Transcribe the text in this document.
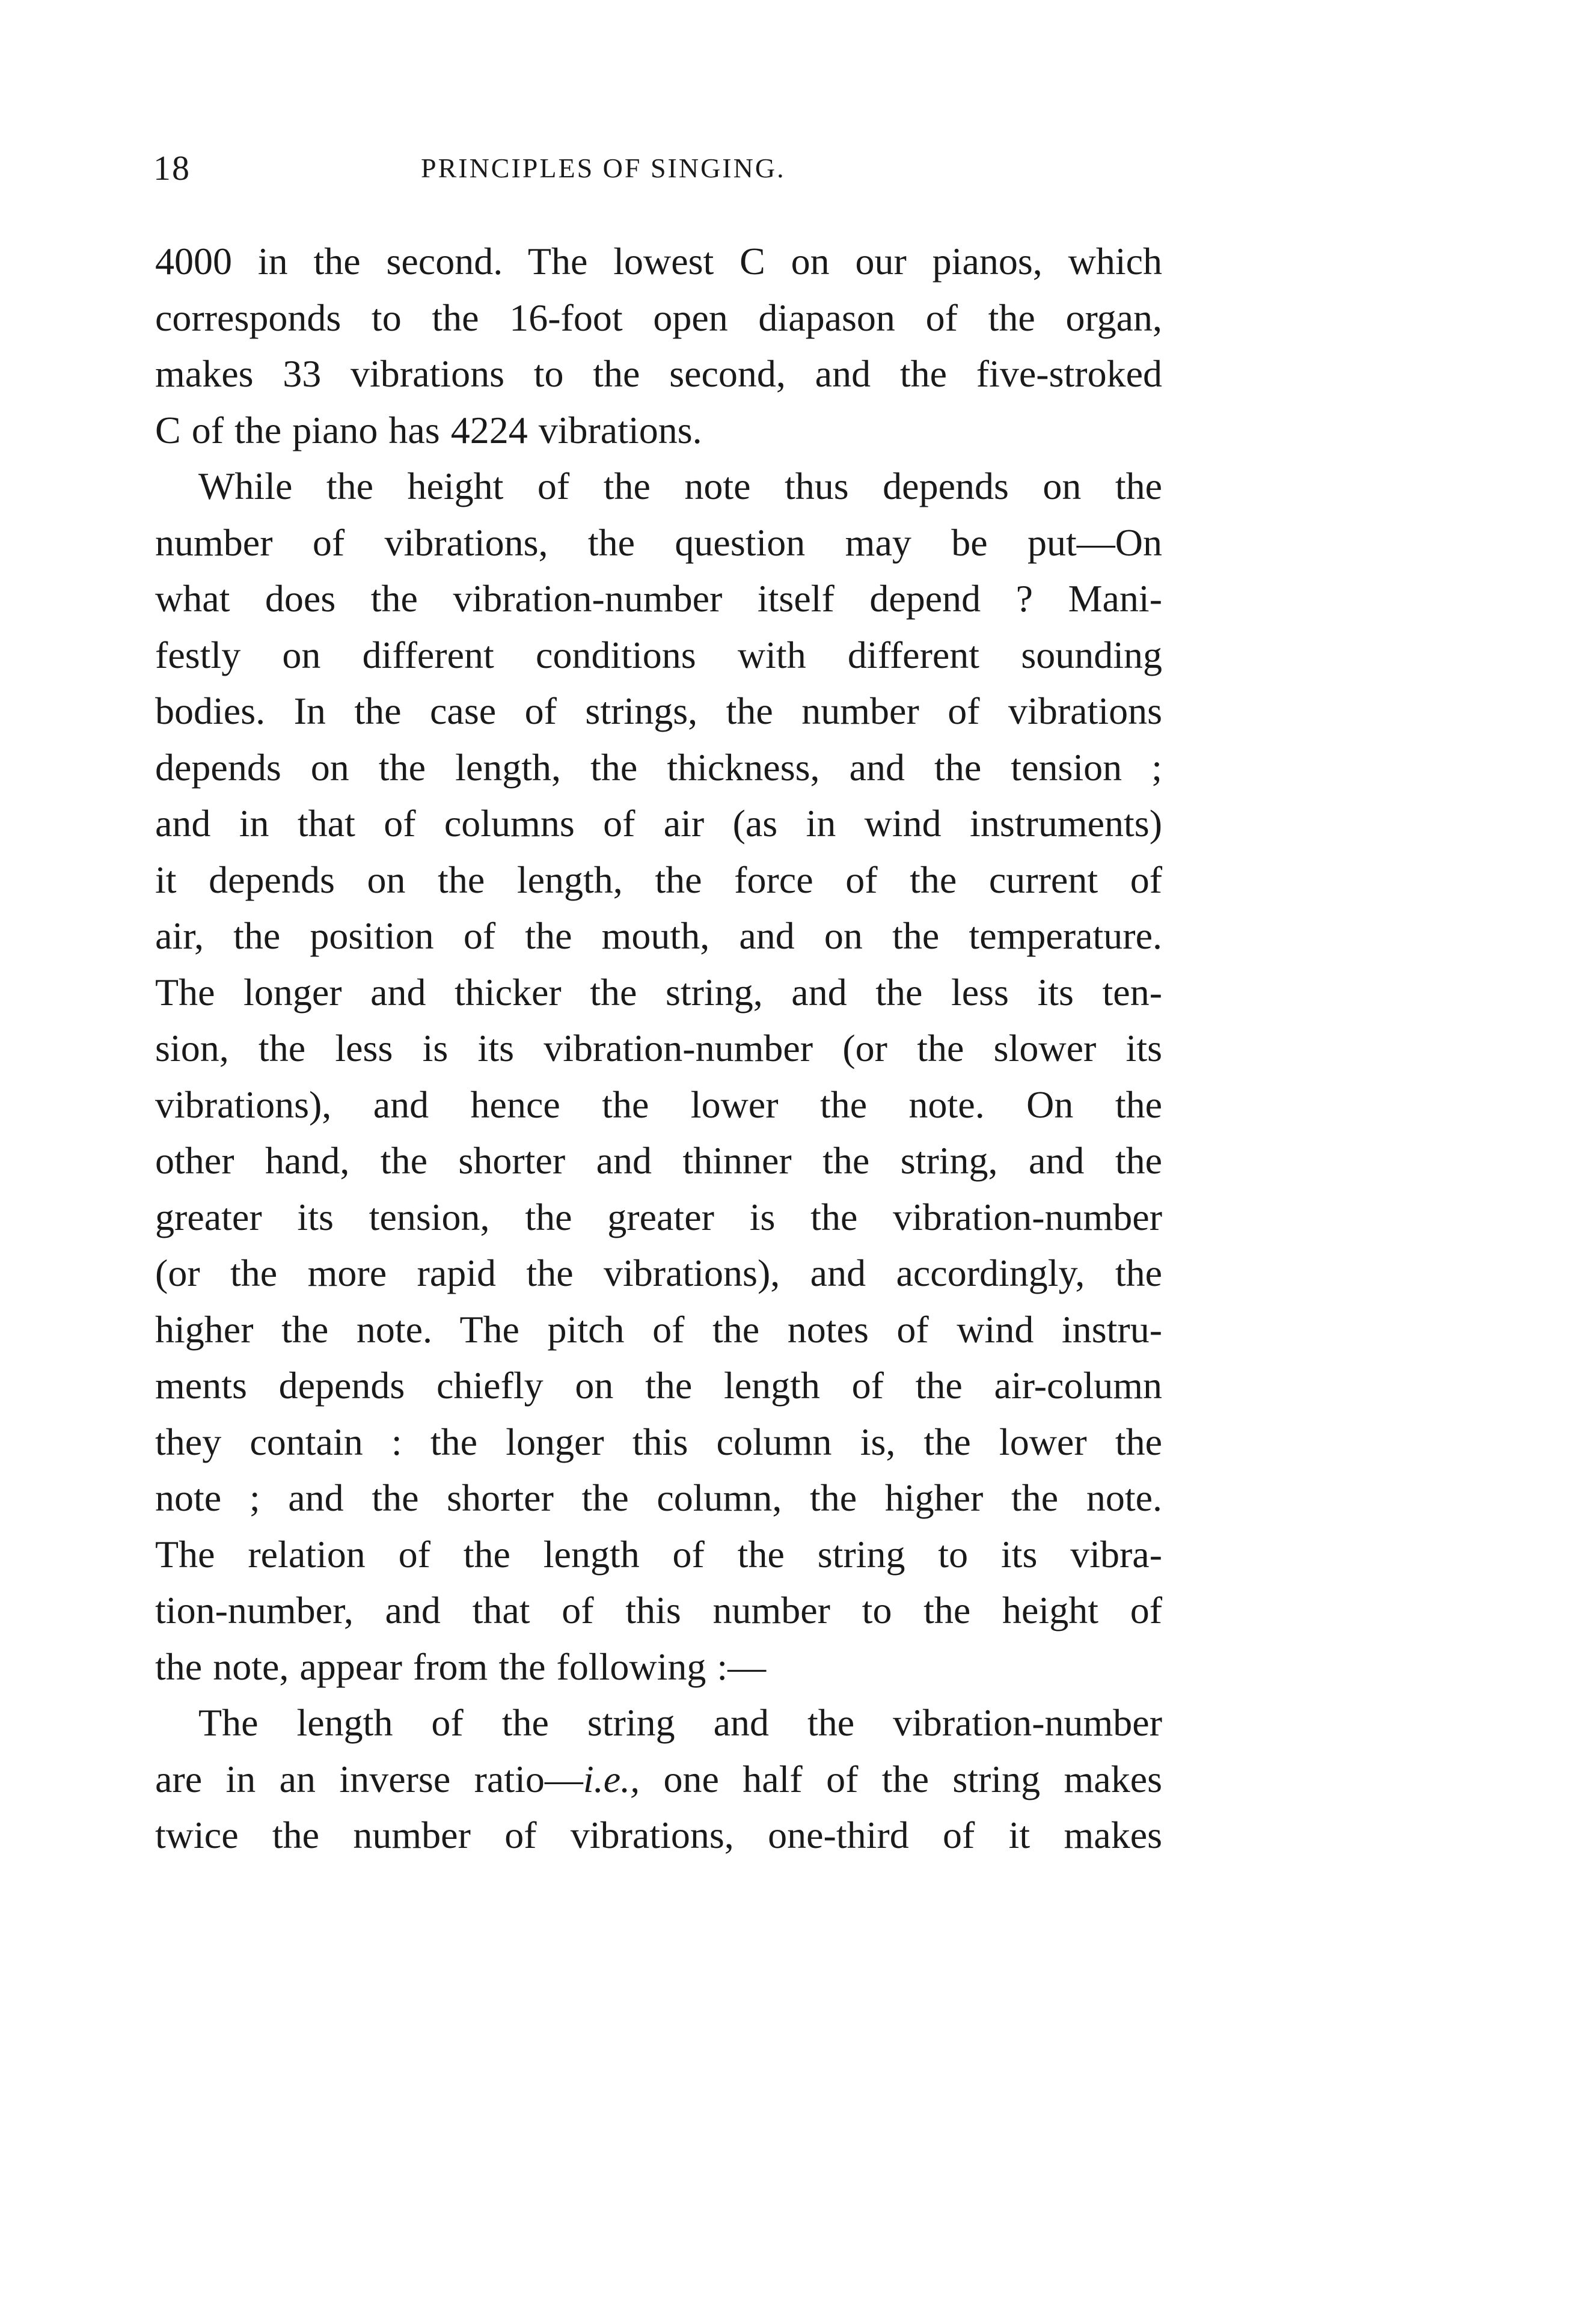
18	PRINCIPLES OF SINGING.

4000 in the second. The lowest C on our pianos, which
corresponds to the 16-foot open diapason of the organ,
makes 33 vibrations to the second, and the five-stroked
C of the piano has 4224 vibrations.

While the height of the note thus depends on the
number of vibrations, the question may be put—On
what does the vibration-number itself depend ? Mani-
festly on different conditions with different sounding
bodies. In the case of strings, the number of vibrations
depends on the length, the thickness, and the tension ;
and in that of columns of air (as in wind instruments)
it depends on the length, the force of the current of
air, the position of the mouth, and on the temperature.
The longer and thicker the string, and the less its ten-
sion, the less is its vibration-number (or the slower its
vibrations), and hence the lower the note. On the
other hand, the shorter and thinner the string, and the
greater its tension, the greater is the vibration-number
(or the more rapid the vibrations), and accordingly, the
higher the note. The pitch of the notes of wind instru-
ments depends chiefly on the length of the air-column
they contain : the longer this column is, the lower the
note ; and the shorter the column, the higher the note.
The relation of the length of the string to its vibra-
tion-number, and that of this number to the height of
the note, appear from the following :—

The length of the string and the vibration-number
are in an inverse ratio—i.e., one half of the string makes
twice the number of vibrations, one-third of it makes
